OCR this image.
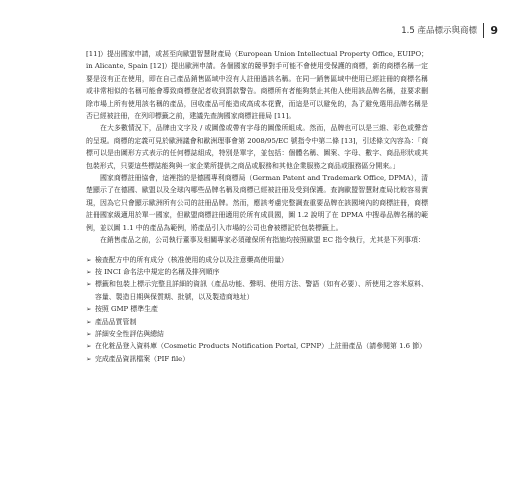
1.5 產品標示與商標 9

[11]）提出國家申請，或甚至向歐盟智慧財產局（European Union Intellectual Property Office, EUIPO；in Alicante, Spain [12]）提出歐洲申請。各個國家的競爭對手可能不會使用受保護的商標，新的商標名稱一定要是沒有正在使用，即在自己產品銷售區域中沒有人註冊過該名稱。在同一銷售區域中使用已經註冊的商標名稱或非常相似的名稱可能會導致商標登記者收到罰款警告。商標所有者能夠禁止其他人使用該品牌名稱，並要求刪除市場上所有使用該名稱的產品，回收產品可能造成高成本花費，而這是可以避免的，為了避免選用品牌名稱是否已經被註冊，在列印標籤之前，建議先查詢國家商標註冊局 [11]。

在大多數情況下，品牌由文字及 / 或圖像或帶有字母的圖像所組成。然而，品牌也可以是三維、彩色或聲音的呈現。商標的定義可見於歐洲議會和歐洲理事會第 2008/95/EC 號指令中第二條 [13]，引述條文內容為：「商標可以是由圖形方式表示的任何標誌組成，特別是單字，並包括：個體名稱、圖案、字母、數字、商品形狀或其包裝形式，只要這些標誌能夠與一家企業所提供之商品或服務和其他企業服務之商品或服務區分開來。」

國家商標註冊協會，這裡指的是德國專利商標局（German Patent and Trademark Office, DPMA），清楚顯示了在德國、歐盟以及全球內哪些品牌名稱及商標已經被註冊及受到保護。查詢歐盟智慧財產局比較容易實現，因為它只會顯示歐洲所有公司的註冊品牌。然而，應該考慮完整調查重要品牌在該國境內的商標註冊，商標註冊國家級適用於單一國家，但歐盟商標註冊適用於所有成員國，圖 1.2 說明了在 DPMA 中搜尋品牌名稱的範例，並以圖 1.1 中的產品為範例，將產品引入市場的公司也會被標記於包裝標籤上。

在銷售產品之前，公司執行董事及相關專家必須確保所有指施均按照歐盟 EC 指令執行，尤其是下列事項：

➢ 檢查配方中的所有成分（核准使用的成分以及注意藥高使用量）
➢ 按 INCI 命名法中規定的名稱及排列順序
➢ 標籤和包裝上標示完整且詳細的資訊（產品功能、聲明、使用方法、警語（如有必要）、所使用之容米原料、容量、製造日期與保質期、批號，以及製造商地址）
➢ 按照 GMP 標準生產
➢ 產品品質管制
➢ 詳細安全性評估與總結
➢ 在化粧品登入資料庫（Cosmetic Products Notification Portal, CPNP）上註冊產品（請參閱第 1.6 節）
➢ 完成產品資訊檔案（PIF file）
